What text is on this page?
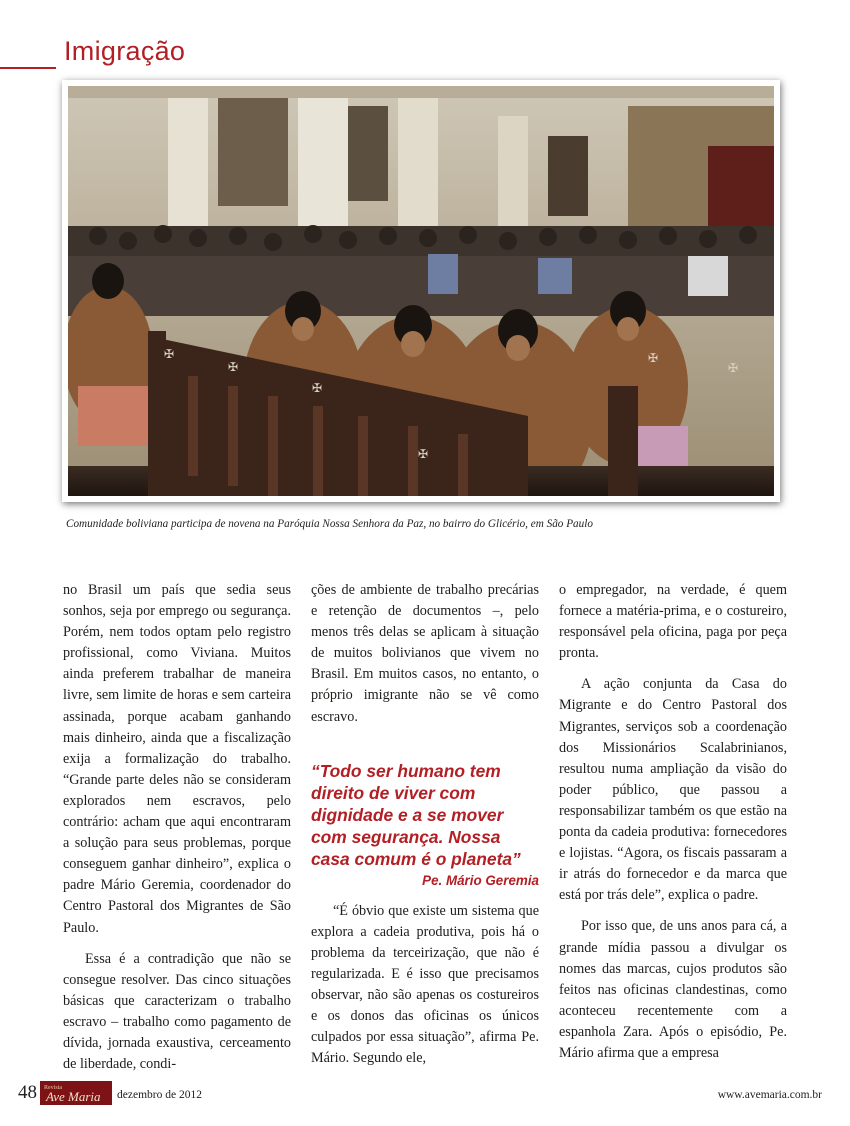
Imigração
✠
✠
✠
✠
✠
✠

Comunidade boliviana participa de novena na Paróquia Nossa Senhora da Paz, no bairro do Glicério, em São Paulo

no Brasil um país que sedia seus sonhos, seja por emprego ou segurança. Porém, nem todos optam pelo registro profissional, como Viviana. Muitos ainda preferem trabalhar de maneira livre, sem limite de horas e sem carteira assinada, porque acabam ganhando mais dinheiro, ainda que a fiscalização exija a formalização do trabalho. “Grande parte deles não se consideram explorados nem escravos, pelo contrário: acham que aqui encontraram a solução para seus problemas, porque conseguem ganhar dinheiro”, explica o padre Mário Geremia, coordenador do Centro Pastoral dos Migrantes de São Paulo.

Essa é a contradição que não se consegue resolver. Das cinco situações básicas que caracterizam o trabalho escravo – trabalho como pagamento de dívida, jornada exaustiva, cerceamento de liberdade, condi-

ções de ambiente de trabalho precárias e retenção de documentos –, pelo menos três delas se aplicam à situação de muitos bolivianos que vivem no Brasil. Em muitos casos, no entanto, o próprio imigrante não se vê como escravo.

“Todo ser humano tem direito de viver com dignidade e a se mover com segurança. Nossa casa comum é o planeta”

Pe. Mário Geremia

“É óbvio que existe um sistema que explora a cadeia produtiva, pois há o problema da terceirização, que não é regularizada. E é isso que precisamos observar, não são apenas os costureiros e os donos das oficinas os únicos culpados por essa situação”, afirma Pe. Mário. Segundo ele,

o empregador, na verdade, é quem fornece a matéria-prima, e o costureiro, responsável pela oficina, paga por peça pronta.

A ação conjunta da Casa do Migrante e do Centro Pastoral dos Migrantes, serviços sob a coordenação dos Missionários Scalabrinianos, resultou numa ampliação da visão do poder público, que passou a responsabilizar também os que estão na ponta da cadeia produtiva: fornecedores e lojistas. “Agora, os fiscais passaram a ir atrás do fornecedor e da marca que está por trás dele”, explica o padre.

Por isso que, de uns anos para cá, a grande mídia passou a divulgar os nomes das marcas, cujos produtos são feitos nas oficinas clandestinas, como aconteceu recentemente com a espanhola Zara. Após o episódio, Pe. Mário afirma que a empresa

48 Revista
Ave Maria dezembro de 2012	www.avemaria.com.br
